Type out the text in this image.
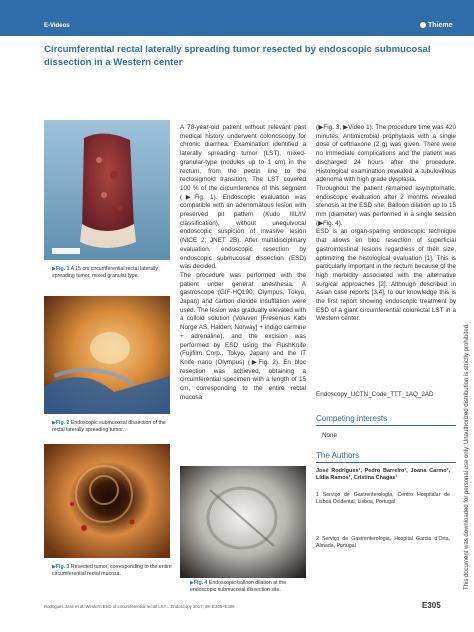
E-Videos	Thieme
Circumferential rectal laterally spreading tumor resected by endoscopic submucosal dissection in a Western center
▶Fig. 1 A 15 cm circumferential rectal laterally spreading tumor, mixed granular type.
▶Fig. 2 Endoscopic submucosal dissection of the rectal laterally spreading tumor.
▶Fig. 3 Resected tumor, corresponding to the entire circumferential rectal mucosa.
▶Fig. 4 Endoscopic balloon dilation at the endoscopic submucosal dissection site.
A 78-year-old patient without relevant past medical history underwent colonoscopy for chronic diarrhea. Examination identified a laterally spreading tumor (LST), mixed-granular-type (nodules up to 1 cm) in the rectum, from the pectin line to the rectosigmoid transition. The LST covered 100 % of the circumference of this segment (▶Fig. 1). Endoscopic evaluation was compatible with an adenomatous lesion with preserved pit pattern (Kudo IIIL/IV classification), without unequivocal endoscopic suspicion of invasive lesion (NICE 2; JNET 2B). After multidisciplinary evaluation, endoscopic resection by endoscopic submucosal dissection (ESD) was decided.
The procedure was performed with the patient under general anesthesia. A gastroscope (GIF-HQ190; Olympus, Tokyo, Japan) and carbon dioxide insufflation were used. The lesion was gradually elevated with a colloid solution (Voluven [Fresenius Kabi Norge AS, Halden, Norway] + indigo carmine + adrenaline), and the excision was performed by ESD using the FlushKnife (Fujifilm Corp., Tokyo, Japan) and the IT Knife nano (Olympus) (▶Fig. 2). En bloc resection was achieved, obtaining a circumferential specimen with a length of 15 cm, corresponding to the entire rectal mucosa
(▶Fig. 3, ▶Video 1). The procedure time was 420 minutes. Antimicrobial prophylaxis with a single dose of ceftriaxone (2 g) was given. There were no immediate complications and the patient was discharged 24 hours after the procedure. Histological examination revealed a tubulovillous adenoma with high grade dysplasia.
Throughout the patient remained asymptomatic, endoscopic evaluation after 2 months revealed stenosis at the ESD site. Balloon dilation up to 15 mm (diameter) was performed in a single session (▶Fig. 4).
ESD is an organ-sparing endoscopic technique that allows en bloc resection of superficial gastrointestinal lesions regardless of their size, optimizing the histological evaluation [1]. This is particularly important in the rectum because of the high morbidity associated with the alternative surgical approaches [2]. Although described in Asian case reports [3,4], to our knowledge this is the first report showing endoscopic treatment by ESD of a giant circumferential colorectal LST in a Western center.
Endoscopy_UCTN_Code_TTT_1AQ_2AD
Competing interests
None
The Authors
José Rodrigues¹, Pedro Barreiro¹, Joana Carmo¹, Lídia Ramos¹, Cristina Chagas¹
1 Serviço de Gastrenterologia, Centro Hospitalar de Lisboa Ocidental, Lisboa, Portugal
2 Serviço de Gastrenterologia, Hospital Garcia d’Orta, Almada, Portugal	This document was downloaded for personal use only. Unauthorized distribution is strictly prohibited.
Rodrigues José et al. Western ESD of circumferential rectal LST... Endoscopy 2017; 49: E305–E306	E305
